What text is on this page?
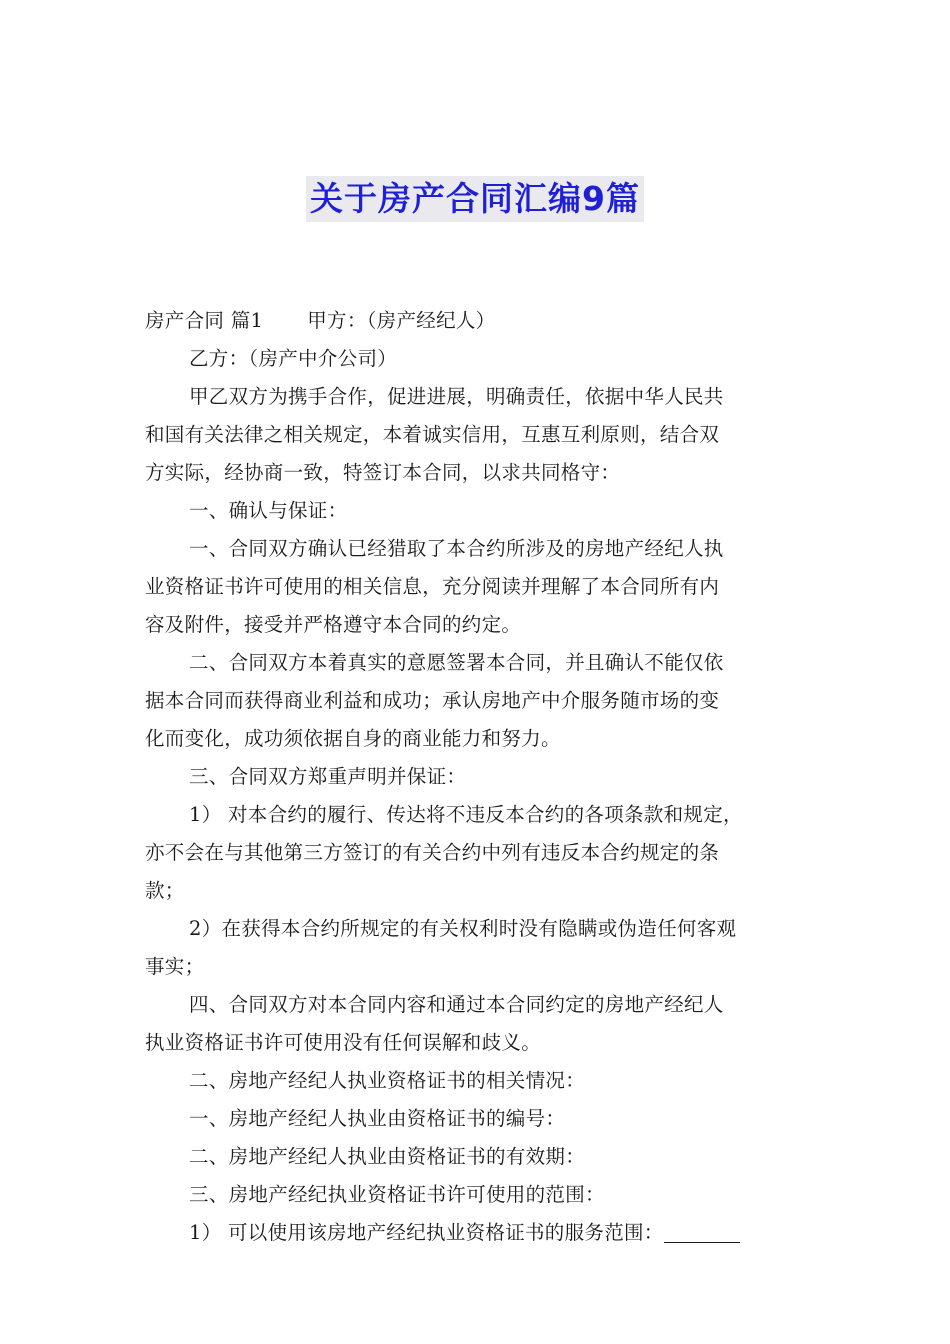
关于房产合同汇编9篇
房产合同 篇1 甲方：（房产经纪人）
乙方：（房产中介公司）
甲乙双方为携手合作，促进进展，明确责任，依据中华人民共
和国有关法律之相关规定，本着诚实信用，互惠互利原则，结合双
方实际，经协商一致，特签订本合同，以求共同格守：
一、确认与保证：
一、合同双方确认已经猎取了本合约所涉及的房地产经纪人执
业资格证书许可使用的相关信息，充分阅读并理解了本合同所有内
容及附件，接受并严格遵守本合同的约定。
二、合同双方本着真实的意愿签署本合同，并且确认不能仅依
据本合同而获得商业利益和成功；承认房地产中介服务随市场的变
化而变化，成功须依据自身的商业能力和努力。
三、合同双方郑重声明并保证：
1） 对本合约的履行、传达将不违反本合约的各项条款和规定，
亦不会在与其他第三方签订的有关合约中列有违反本合约规定的条
款；
2）在获得本合约所规定的有关权利时没有隐瞒或伪造任何客观
事实；
四、合同双方对本合同内容和通过本合同约定的房地产经纪人
执业资格证书许可使用没有任何误解和歧义。
二、房地产经纪人执业资格证书的相关情况：
一、房地产经纪人执业由资格证书的编号：
二、房地产经纪人执业由资格证书的有效期：
三、房地产经纪执业资格证书许可使用的范围：
1） 可以使用该房地产经纪执业资格证书的服务范围：
